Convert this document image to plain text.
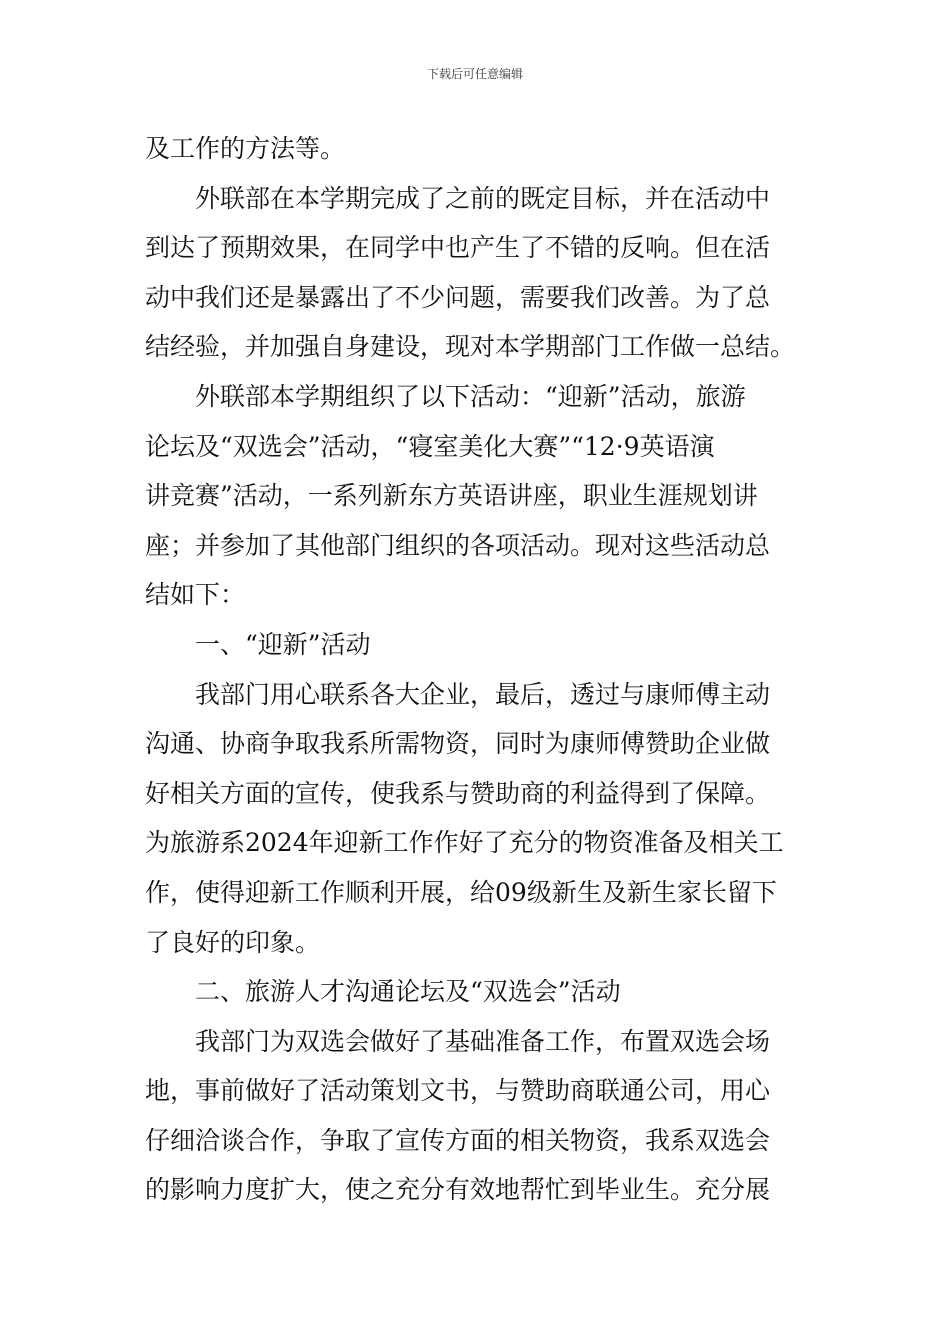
下载后可任意编辑
及工作的方法等。
外联部在本学期完成了之前的既定目标，并在活动中
到达了预期效果，在同学中也产生了不错的反响。但在活
动中我们还是暴露出了不少问题，需要我们改善。为了总
结经验，并加强自身建设，现对本学期部门工作做一总结。
外联部本学期组织了以下活动：“迎新”活动，旅游
论坛及“双选会”活动，“寝室美化大赛”“12·9英语演
讲竞赛”活动，一系列新东方英语讲座，职业生涯规划讲
座；并参加了其他部门组织的各项活动。现对这些活动总
结如下：
一、“迎新”活动
我部门用心联系各大企业，最后，透过与康师傅主动
沟通、协商争取我系所需物资，同时为康师傅赞助企业做
好相关方面的宣传，使我系与赞助商的利益得到了保障。
为旅游系2024年迎新工作作好了充分的物资准备及相关工
作，使得迎新工作顺利开展，给09级新生及新生家长留下
了良好的印象。
二、旅游人才沟通论坛及“双选会”活动
我部门为双选会做好了基础准备工作，布置双选会场
地，事前做好了活动策划文书，与赞助商联通公司，用心
仔细洽谈合作，争取了宣传方面的相关物资，我系双选会
的影响力度扩大，使之充分有效地帮忙到毕业生。充分展
